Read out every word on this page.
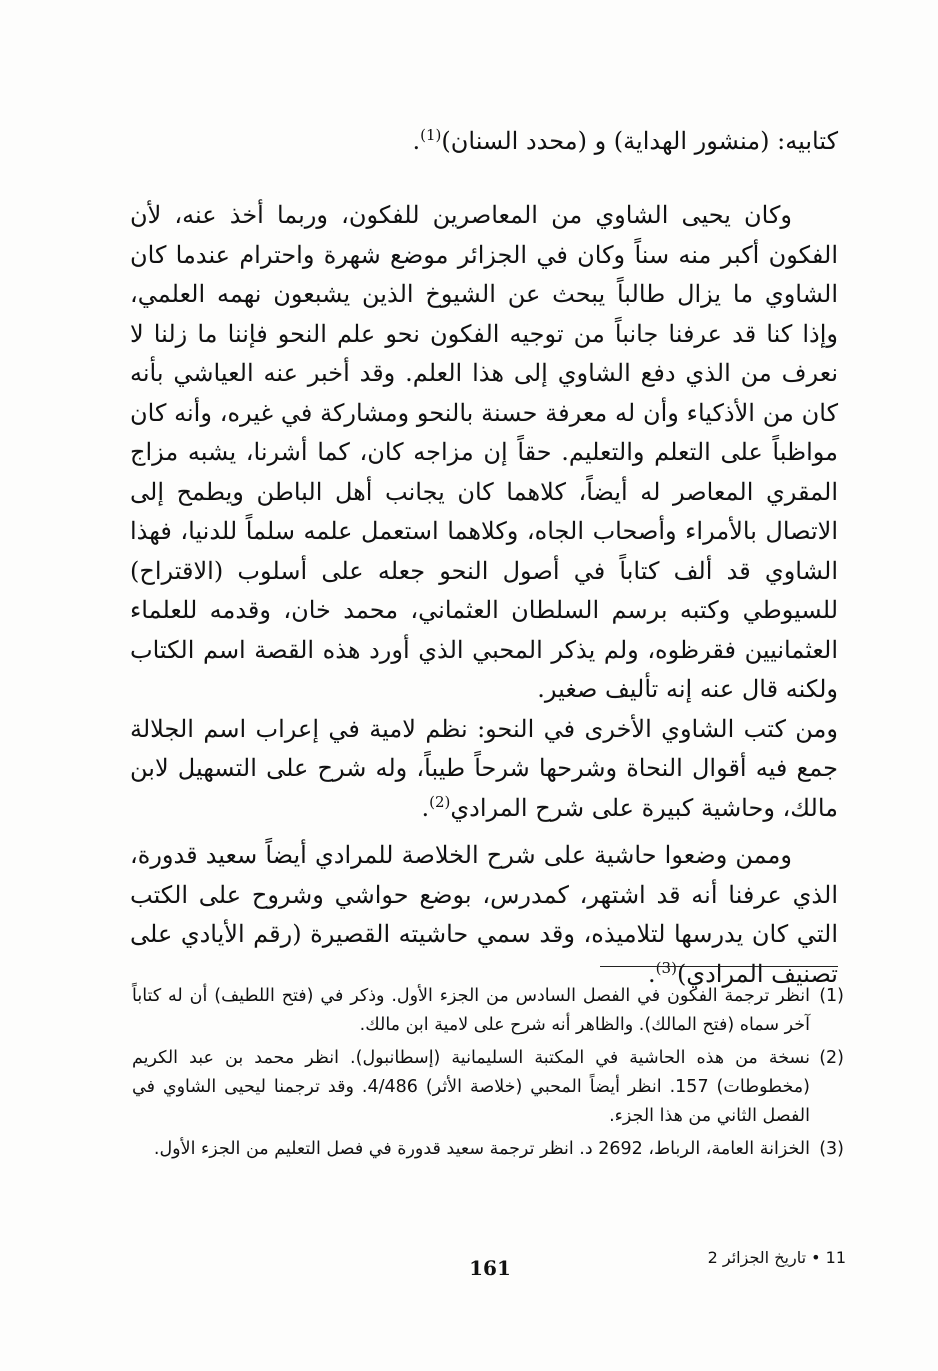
كتابيه: (منشور الهداية) و (محدد السنان)$^{(1)}$.

وكان يحيى الشاوي من المعاصرين للفكون، وربما أخذ عنه، لأن الفكون أكبر منه سناً وكان في الجزائر موضع شهرة واحترام عندما كان الشاوي ما يزال طالباً يبحث عن الشيوخ الذين يشبعون نهمه العلمي، وإذا كنا قد عرفنا جانباً من توجيه الفكون نحو علم النحو فإننا ما زلنا لا نعرف من الذي دفع الشاوي إلى هذا العلم. وقد أخبر عنه العياشي بأنه كان من الأذكياء وأن له معرفة حسنة بالنحو ومشاركة في غيره، وأنه كان مواظباً على التعلم والتعليم. حقاً إن مزاجه كان، كما أشرنا، يشبه مزاج المقري المعاصر له أيضاً، كلاهما كان يجانب أهل الباطن ويطمح إلى الاتصال بالأمراء وأصحاب الجاه، وكلاهما استعمل علمه سلماً للدنيا، فهذا الشاوي قد ألف كتاباً في أصول النحو جعله على أسلوب (الاقتراح) للسيوطي وكتبه برسم السلطان العثماني، محمد خان، وقدمه للعلماء العثمانيين فقرظوه، ولم يذكر المحبي الذي أورد هذه القصة اسم الكتاب ولكنه قال عنه إنه تأليف صغير.

ومن كتب الشاوي الأخرى في النحو: نظم لامية في إعراب اسم الجلالة جمع فيه أقوال النحاة وشرحها شرحاً طيباً، وله شرح على التسهيل لابن مالك، وحاشية كبيرة على شرح المرادي$^{(2)}$.

وممن وضعوا حاشية على شرح الخلاصة للمرادي أيضاً سعيد قدورة، الذي عرفنا أنه قد اشتهر، كمدرس، بوضع حواشي وشروح على الكتب التي كان يدرسها لتلاميذه، وقد سمي حاشيته القصيرة (رقم الأيادي على تصنيف المرادي)$^{(3)}$.

(1)
انظر ترجمة الفكون في الفصل السادس من الجزء الأول. وذكر في (فتح اللطيف) أن له كتاباً آخر سماه (فتح المالك). والظاهر أنه شرح على لامية ابن مالك.
(2)
نسخة من هذه الحاشية في المكتبة السليمانية (إسطانبول). انظر محمد بن عبد الكريم (مخطوطات) 157. انظر أيضاً المحبي (خلاصة الأثر) 4/486. وقد ترجمنا ليحيى الشاوي في الفصل الثاني من هذا الجزء.
(3)
الخزانة العامة، الرباط، 2692 د. انظر ترجمة سعيد قدورة في فصل التعليم من الجزء الأول.
11 • تاريخ الجزائر 2
161
